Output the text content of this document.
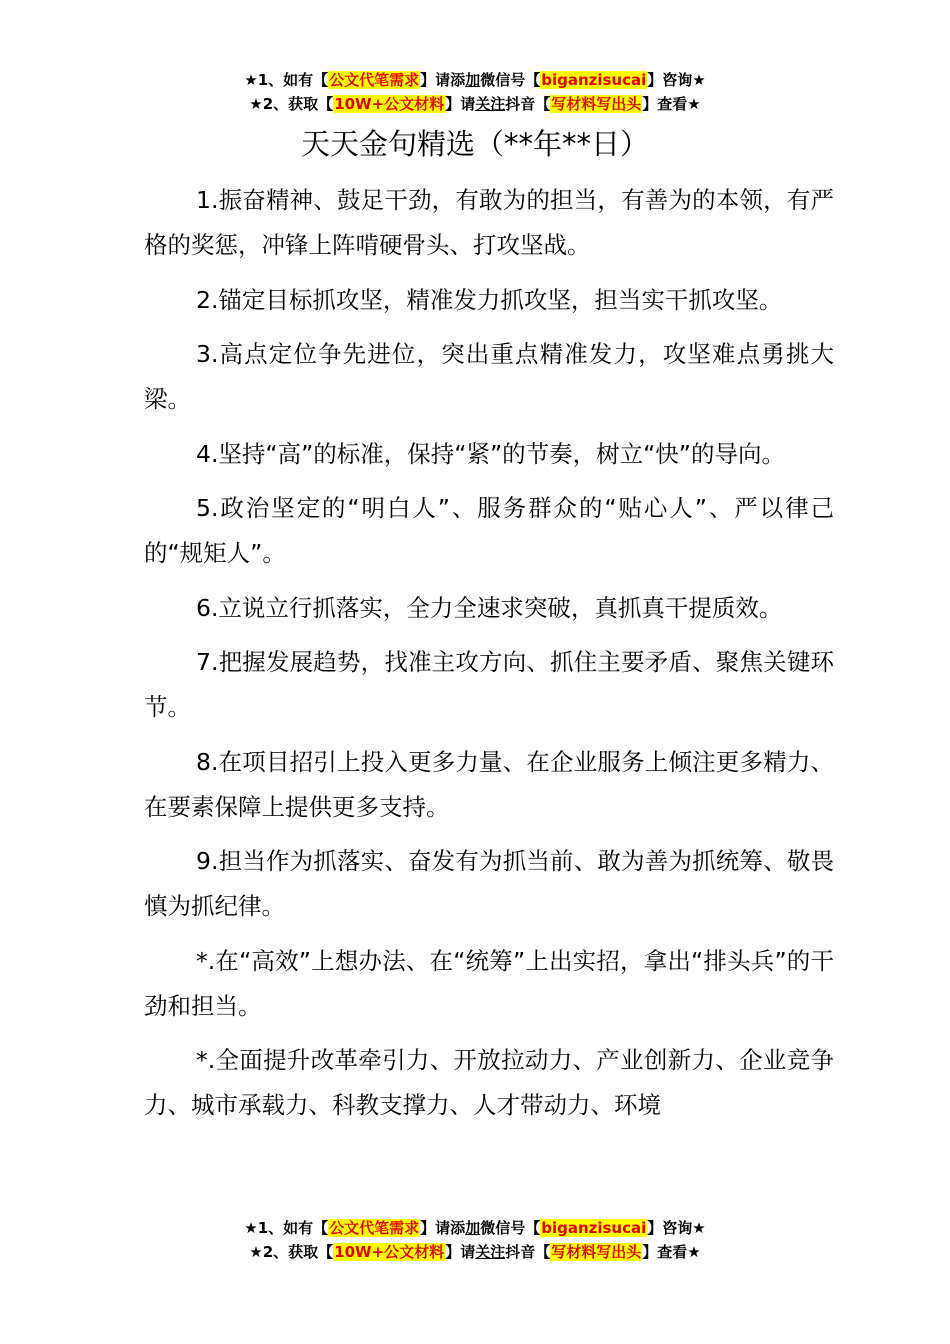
★1、如有【公文代笔需求】请添加微信号【biganzisucai】咨询★
★2、获取【10W+公文材料】请关注抖音【写材料写出头】查看★
天天金句精选（**年**日）

1.振奋精神、鼓足干劲，有敢为的担当，有善为的本领，有严格的奖惩，冲锋上阵啃硬骨头、打攻坚战。

2.锚定目标抓攻坚，精准发力抓攻坚，担当实干抓攻坚。

3.高点定位争先进位，突出重点精准发力，攻坚难点勇挑大梁。

4.坚持“高”的标准，保持“紧”的节奏，树立“快”的导向。

5.政治坚定的“明白人”、服务群众的“贴心人”、严以律己的“规矩人”。

6.立说立行抓落实，全力全速求突破，真抓真干提质效。

7.把握发展趋势，找准主攻方向、抓住主要矛盾、聚焦关键环节。

8.在项目招引上投入更多力量、在企业服务上倾注更多精力、在要素保障上提供更多支持。

9.担当作为抓落实、奋发有为抓当前、敢为善为抓统筹、敬畏慎为抓纪律。

*.在“高效”上想办法、在“统筹”上出实招，拿出“排头兵”的干劲和担当。

*.全面提升改革牵引力、开放拉动力、产业创新力、企业竞争力、城市承载力、科教支撑力、人才带动力、环境

★1、如有【公文代笔需求】请添加微信号【biganzisucai】咨询★
★2、获取【10W+公文材料】请关注抖音【写材料写出头】查看★
